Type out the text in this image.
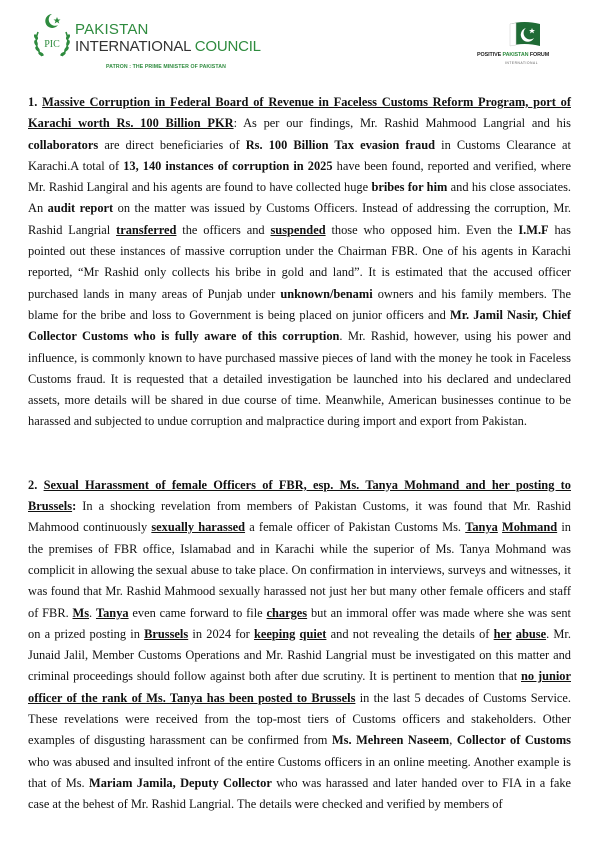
PIC
PAKISTAN
INTERNATIONAL COUNCIL
PATRON : THE PRIME MINISTER OF PAKISTAN
POSITIVE PAKISTAN FORUM
INTERNATIONAL

1. Massive Corruption in Federal Board of Revenue in Faceless Customs Reform Program, port of Karachi worth Rs. 100 Billion PKR: As per our findings, Mr. Rashid Mahmood Langrial and his collaborators are direct beneficiaries of Rs. 100 Billion Tax evasion fraud in Customs Clearance at Karachi.A total of 13, 140 instances of corruption in 2025 have been found, reported and verified, where Mr. Rashid Langiral and his agents are found to have collected huge bribes for him and his close associates. An audit report on the matter was issued by Customs Officers. Instead of addressing the corruption, Mr. Rashid Langrial transferred the officers and suspended those who opposed him. Even the I.M.F has pointed out these instances of massive corruption under the Chairman FBR. One of his agents in Karachi reported, “Mr Rashid only collects his bribe in gold and land”. It is estimated that the accused officer purchased lands in many areas of Punjab under unknown/benami owners and his family members. The blame for the bribe and loss to Government is being placed on junior officers and Mr. Jamil Nasir, Chief Collector Customs who is fully aware of this corruption. Mr. Rashid, however, using his power and influence, is commonly known to have purchased massive pieces of land with the money he took in Faceless Customs fraud. It is requested that a detailed investigation be launched into his declared and undeclared assets, more details will be shared in due course of time. Meanwhile, American businesses continue to be harassed and subjected to undue corruption and malpractice during import and export from Pakistan.

2. Sexual Harassment of female Officers of FBR, esp. Ms. Tanya Mohmand and her posting to Brussels: In a shocking revelation from members of Pakistan Customs, it was found that Mr. Rashid Mahmood continuously sexually harassed a female officer of Pakistan Customs Ms. Tanya Mohmand in the premises of FBR office, Islamabad and in Karachi while the superior of Ms. Tanya Mohmand was complicit in allowing the sexual abuse to take place. On confirmation in interviews, surveys and witnesses, it was found that Mr. Rashid Mahmood sexually harassed not just her but many other female officers and staff of FBR. Ms. Tanya even came forward to file charges but an immoral offer was made where she was sent on a prized posting in Brussels in 2024 for keeping quiet and not revealing the details of her abuse. Mr. Junaid Jalil, Member Customs Operations and Mr. Rashid Langrial must be investigated on this matter and criminal proceedings should follow against both after due scrutiny. It is pertinent to mention that no junior officer of the rank of Ms. Tanya has been posted to Brussels in the last 5 decades of Customs Service. These revelations were received from the top-most tiers of Customs officers and stakeholders. Other examples of disgusting harassment can be confirmed from Ms. Mehreen Naseem, Collector of Customs who was abused and insulted infront of the entire Customs officers in an online meeting. Another example is that of Ms. Mariam Jamila, Deputy Collector who was harassed and later handed over to FIA in a fake case at the behest of Mr. Rashid Langrial. The details were checked and verified by members of
